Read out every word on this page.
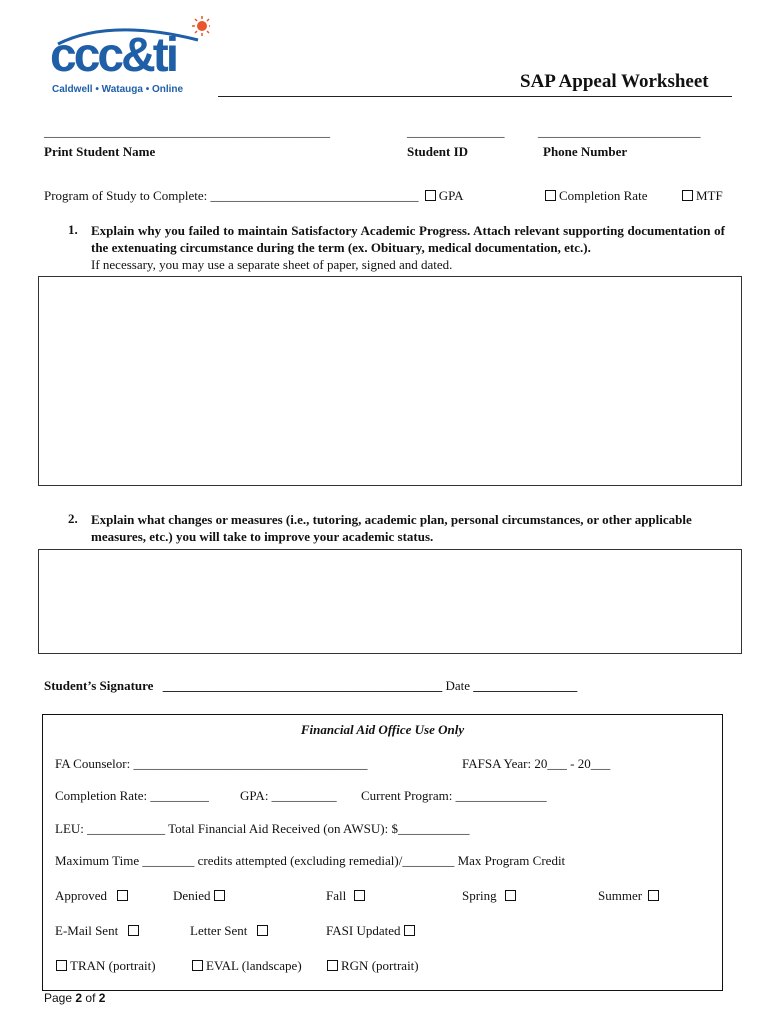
ccc&ti
Caldwell • Watauga • Online	SAP Appeal Worksheet
____________________________________________
Print Student Name
_______________
Student ID
_________________________
Phone Number
Program of Study to Complete: ________________________________ GPA	Completion Rate	MTF
1. Explain why you failed to maintain Satisfactory Academic Progress. Attach relevant supporting documentation of the extenuating circumstance during the term (ex. Obituary, medical documentation, etc.).
If necessary, you may use a separate sheet of paper, signed and dated.
2. Explain what changes or measures (i.e., tutoring, academic plan, personal circumstances, or other applicable measures, etc.) you will take to improve your academic status.
Student’s Signature ___________________________________________ Date ________________
Financial Aid Office Use Only
FA Counselor: ____________________________________	FAFSA Year: 20___ - 20___
Completion Rate: _________ GPA: __________ Current Program: ______________
LEU: ____________ Total Financial Aid Received (on AWSU): $___________
Maximum Time ________ credits attempted (excluding remedial)/________ Max Program Credit
Approved	Denied	Fall	Spring	Summer
E-Mail Sent	Letter Sent	FASI Updated
TRAN (portrait)	EVAL (landscape)	RGN (portrait)
Page 2 of 2
